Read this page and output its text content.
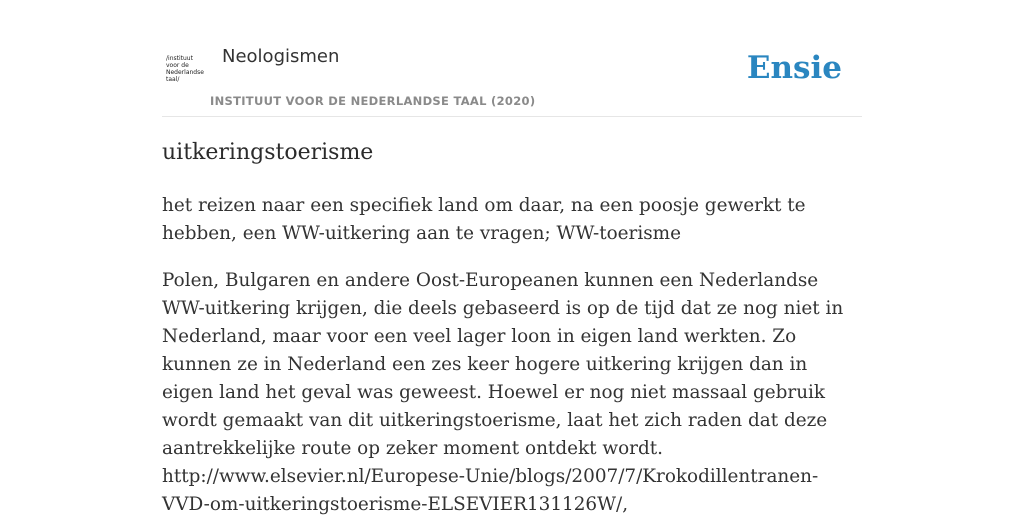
/instituut
voor de
Nederlandse
taal/
Neologismen
INSTITUUT VOOR DE NEDERLANDSE TAAL (2020)
Ensie
uitkeringstoerisme

het reizen naar een specifiek land om daar, na een poosje gewerkt te hebben, een WW-uitkering aan te vragen; WW-toerisme

Polen, Bulgaren en andere Oost-Europeanen kunnen een Nederlandse WW-uitkering krijgen, die deels gebaseerd is op de tijd dat ze nog niet in Nederland, maar voor een veel lager loon in eigen land werkten. Zo kunnen ze in Nederland een zes keer hogere uitkering krijgen dan in eigen land het geval was geweest. Hoewel er nog niet massaal gebruik wordt gemaakt van dit uitkeringstoerisme, laat het zich raden dat deze aantrekkelijke route op zeker moment ontdekt wordt. http://www.elsevier.nl/Europese-Unie/blogs/2007/7/Krokodillentranen-VVD-om-uitkeringstoerisme-ELSEVIER131126W/,
